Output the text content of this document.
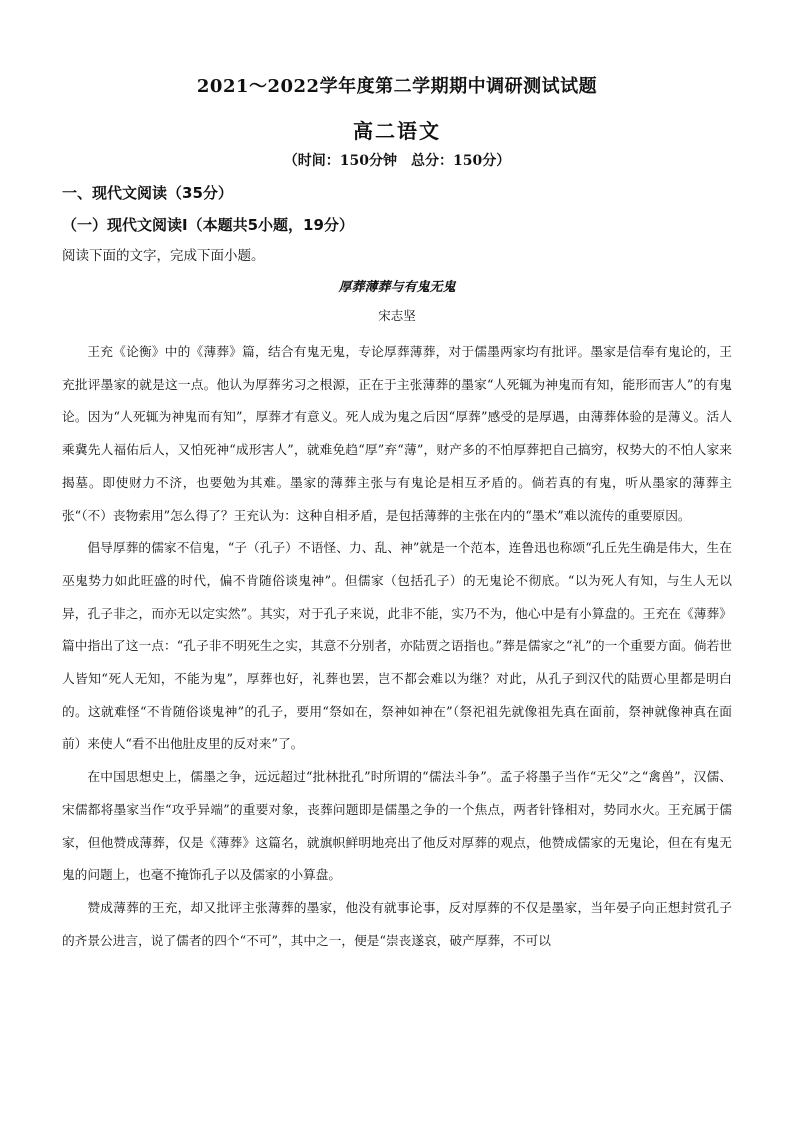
2021～2022学年度第二学期期中调研测试试题
高二语文
（时间：150分钟　总分：150分）
一、现代文阅读（35分）
（一）现代文阅读Ⅰ（本题共5小题，19分）
阅读下面的文字，完成下面小题。
厚葬薄葬与有鬼无鬼
宋志坚

王充《论衡》中的《薄葬》篇，结合有鬼无鬼，专论厚葬薄葬，对于儒墨两家均有批评。墨家是信奉有鬼论的，王充批评墨家的就是这一点。他认为厚葬劣习之根源，正在于主张薄葬的墨家“人死辄为神鬼而有知，能形而害人”的有鬼论。因为“人死辄为神鬼而有知”，厚葬才有意义。死人成为鬼之后因“厚葬”感受的是厚遇，由薄葬体验的是薄义。活人乘冀先人福佑后人，又怕死神“成形害人”，就难免趋“厚”弃“薄”，财产多的不怕厚葬把自己搞穷，权势大的不怕人家来揭墓。即使财力不济，也要勉为其难。墨家的薄葬主张与有鬼论是相互矛盾的。倘若真的有鬼，听从墨家的薄葬主张“（不）丧物索用”怎么得了？王充认为：这种自相矛盾，是包括薄葬的主张在内的“墨术”难以流传的重要原因。

倡导厚葬的儒家不信鬼，“子（孔子）不语怪、力、乱、神”就是一个范本，连鲁迅也称颂“孔丘先生确是伟大，生在巫鬼势力如此旺盛的时代，偏不肯随俗谈鬼神”。但儒家（包括孔子）的无鬼论不彻底。“以为死人有知，与生人无以异，孔子非之，而亦无以定实然”。其实，对于孔子来说，此非不能，实乃不为，他心中是有小算盘的。王充在《薄葬》篇中指出了这一点：“孔子非不明死生之实，其意不分别者，亦陆贾之语指也。”葬是儒家之“礼”的一个重要方面。倘若世人皆知“死人无知，不能为鬼”，厚葬也好，礼葬也罢，岂不都会难以为继？对此，从孔子到汉代的陆贾心里都是明白的。这就难怪“不肯随俗谈鬼神”的孔子，要用“祭如在，祭神如神在”（祭祀祖先就像祖先真在面前，祭神就像神真在面前）来使人“看不出他肚皮里的反对来”了。

在中国思想史上，儒墨之争，远远超过“批林批孔”时所谓的“儒法斗争”。孟子将墨子当作“无父”之“禽兽”，汉儒、宋儒都将墨家当作“攻乎异端”的重要对象，丧葬问题即是儒墨之争的一个焦点，两者针锋相对，势同水火。王充属于儒家，但他赞成薄葬，仅是《薄葬》这篇名，就旗帜鲜明地亮出了他反对厚葬的观点，他赞成儒家的无鬼论，但在有鬼无鬼的问题上，也毫不掩饰孔子以及儒家的小算盘。

赞成薄葬的王充，却又批评主张薄葬的墨家，他没有就事论事，反对厚葬的不仅是墨家，当年晏子向正想封赏孔子的齐景公进言，说了儒者的四个“不可”，其中之一，便是“崇丧遂哀，破产厚葬，不可以
